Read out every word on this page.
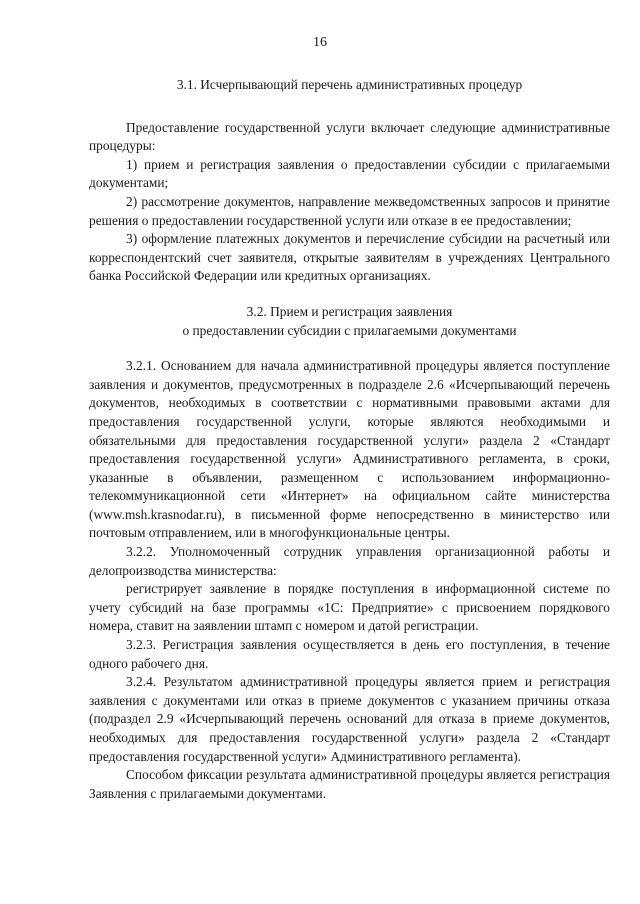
16

3.1. Исчерпывающий перечень административных процедур

Предоставление государственной услуги включает следующие административные процедуры:

1) прием и регистрация заявления о предоставлении субсидии с прилагаемыми документами;

2) рассмотрение документов, направление межведомственных запросов и принятие решения о предоставлении государственной услуги или отказе в ее предоставлении;

3) оформление платежных документов и перечисление субсидии на расчетный или корреспондентский счет заявителя, открытые заявителям в учреждениях Центрального банка Российской Федерации или кредитных организациях.

3.2. Прием и регистрация заявления

о предоставлении субсидии с прилагаемыми документами

3.2.1. Основанием для начала административной процедуры является поступление заявления и документов, предусмотренных в подразделе 2.6 «Исчерпывающий перечень документов, необходимых в соответствии с нормативными правовыми актами для предоставления государственной услуги, которые являются необходимыми и обязательными для предоставления государственной услуги» раздела 2 «Стандарт предоставления государственной услуги» Административного регламента, в сроки, указанные в объявлении, размещенном с использованием информационно-телекоммуникационной сети «Интернет» на официальном сайте министерства (www.msh.krasnodar.ru), в письменной форме непосредственно в министерство или почтовым отправлением, или в многофункциональные центры.

3.2.2. Уполномоченный сотрудник управления организационной работы и делопроизводства министерства:

регистрирует заявление в порядке поступления в информационной системе по учету субсидий на базе программы «1С: Предприятие» с присвоением порядкового номера, ставит на заявлении штамп с номером и датой регистрации.

3.2.3. Регистрация заявления осуществляется в день его поступления, в течение одного рабочего дня.

3.2.4. Результатом административной процедуры является прием и регистрация заявления с документами или отказ в приеме документов с указанием причины отказа (подраздел 2.9 «Исчерпывающий перечень оснований для отказа в приеме документов, необходимых для предоставления государственной услуги» раздела 2 «Стандарт предоставления государственной услуги» Административного регламента).

Способом фиксации результата административной процедуры является регистрация Заявления с прилагаемыми документами.
